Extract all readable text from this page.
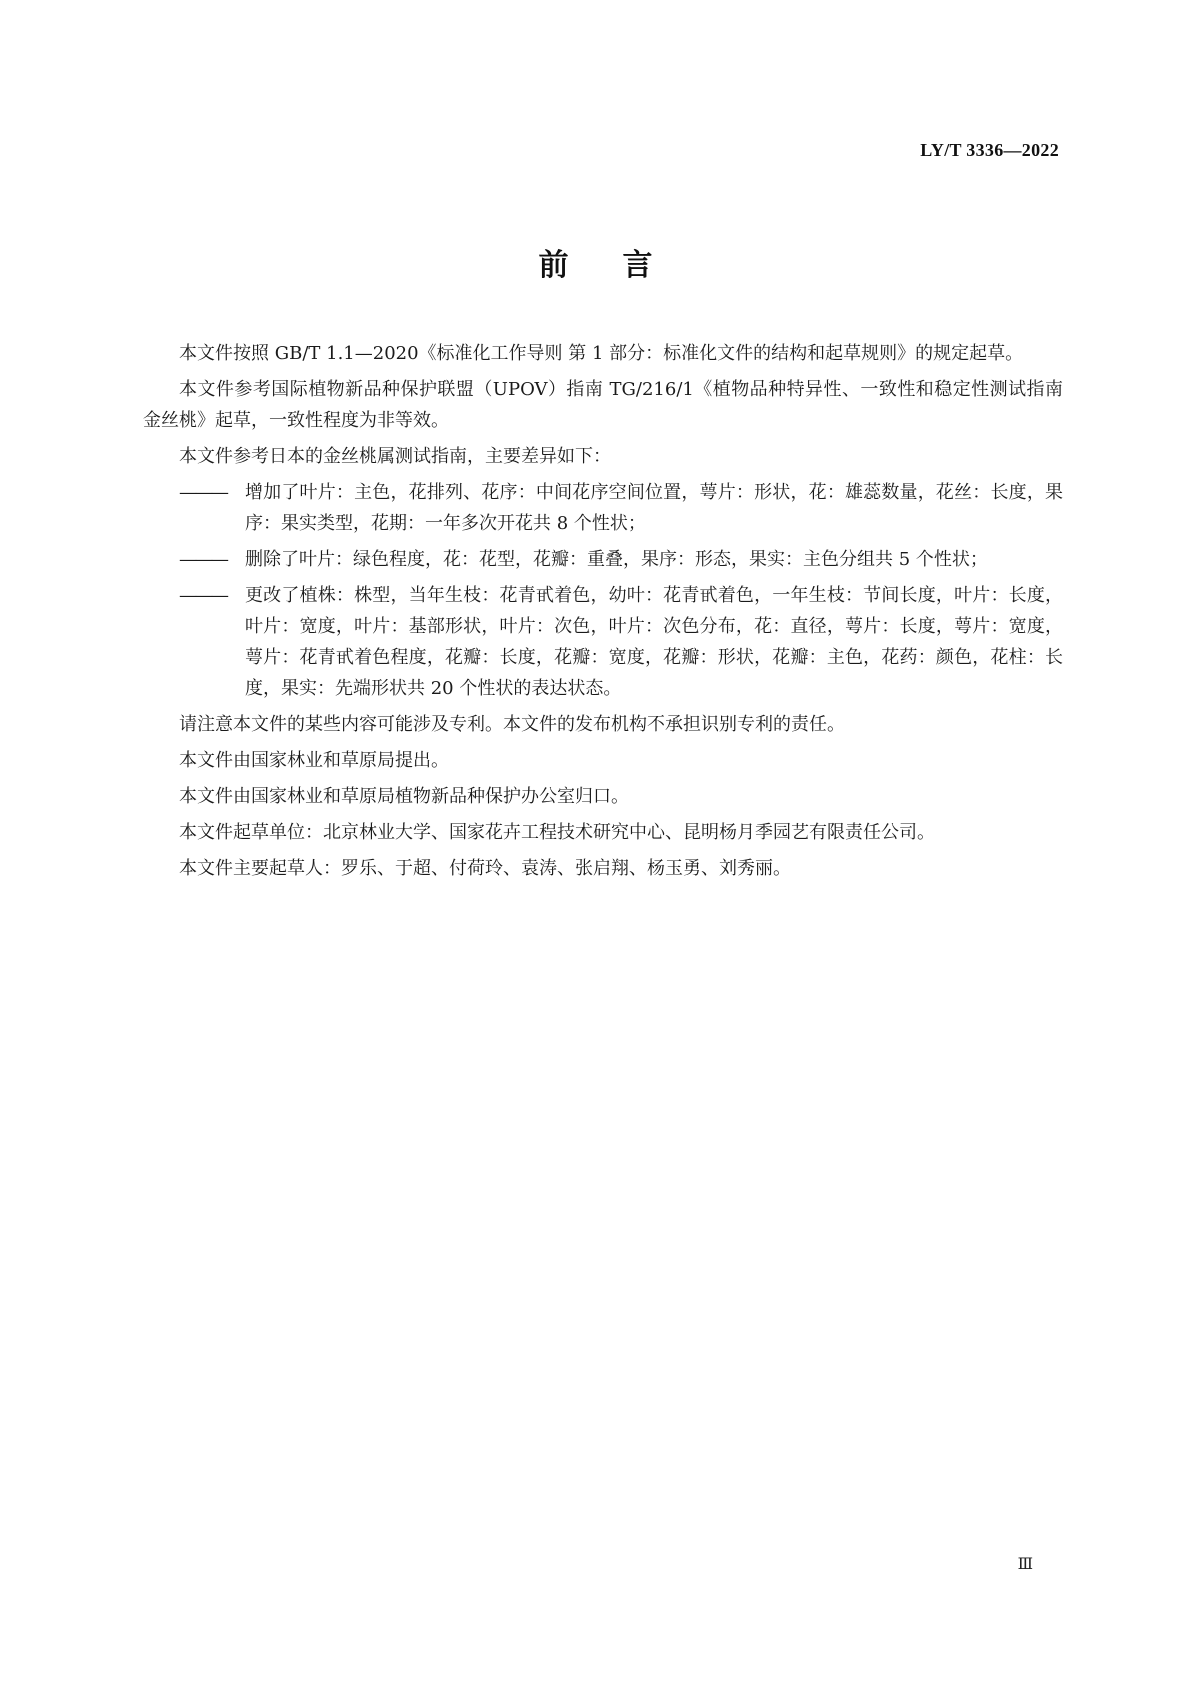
LY/T 3336—2022
前言

本文件按照 GB/T 1.1—2020《标准化工作导则 第 1 部分：标准化文件的结构和起草规则》的规定起草。

本文件参考国际植物新品种保护联盟（UPOV）指南 TG/216/1《植物品种特异性、一致性和稳定性测试指南 金丝桃》起草，一致性程度为非等效。

本文件参考日本的金丝桃属测试指南，主要差异如下：

———	增加了叶片：主色，花排列、花序：中间花序空间位置，萼片：形状，花：雄蕊数量，花丝：长度，果序：果实类型，花期：一年多次开花共 8 个性状；
———	删除了叶片：绿色程度，花：花型，花瓣：重叠，果序：形态，果实：主色分组共 5 个性状；
———	更改了植株：株型，当年生枝：花青甙着色，幼叶：花青甙着色，一年生枝：节间长度，叶片：长度，叶片：宽度，叶片：基部形状，叶片：次色，叶片：次色分布，花：直径，萼片：长度，萼片：宽度，萼片：花青甙着色程度，花瓣：长度，花瓣：宽度，花瓣：形状，花瓣：主色，花药：颜色，花柱：长度，果实：先端形状共 20 个性状的表达状态。

请注意本文件的某些内容可能涉及专利。本文件的发布机构不承担识别专利的责任。

本文件由国家林业和草原局提出。

本文件由国家林业和草原局植物新品种保护办公室归口。

本文件起草单位：北京林业大学、国家花卉工程技术研究中心、昆明杨月季园艺有限责任公司。

本文件主要起草人：罗乐、于超、付荷玲、袁涛、张启翔、杨玉勇、刘秀丽。

Ⅲ
